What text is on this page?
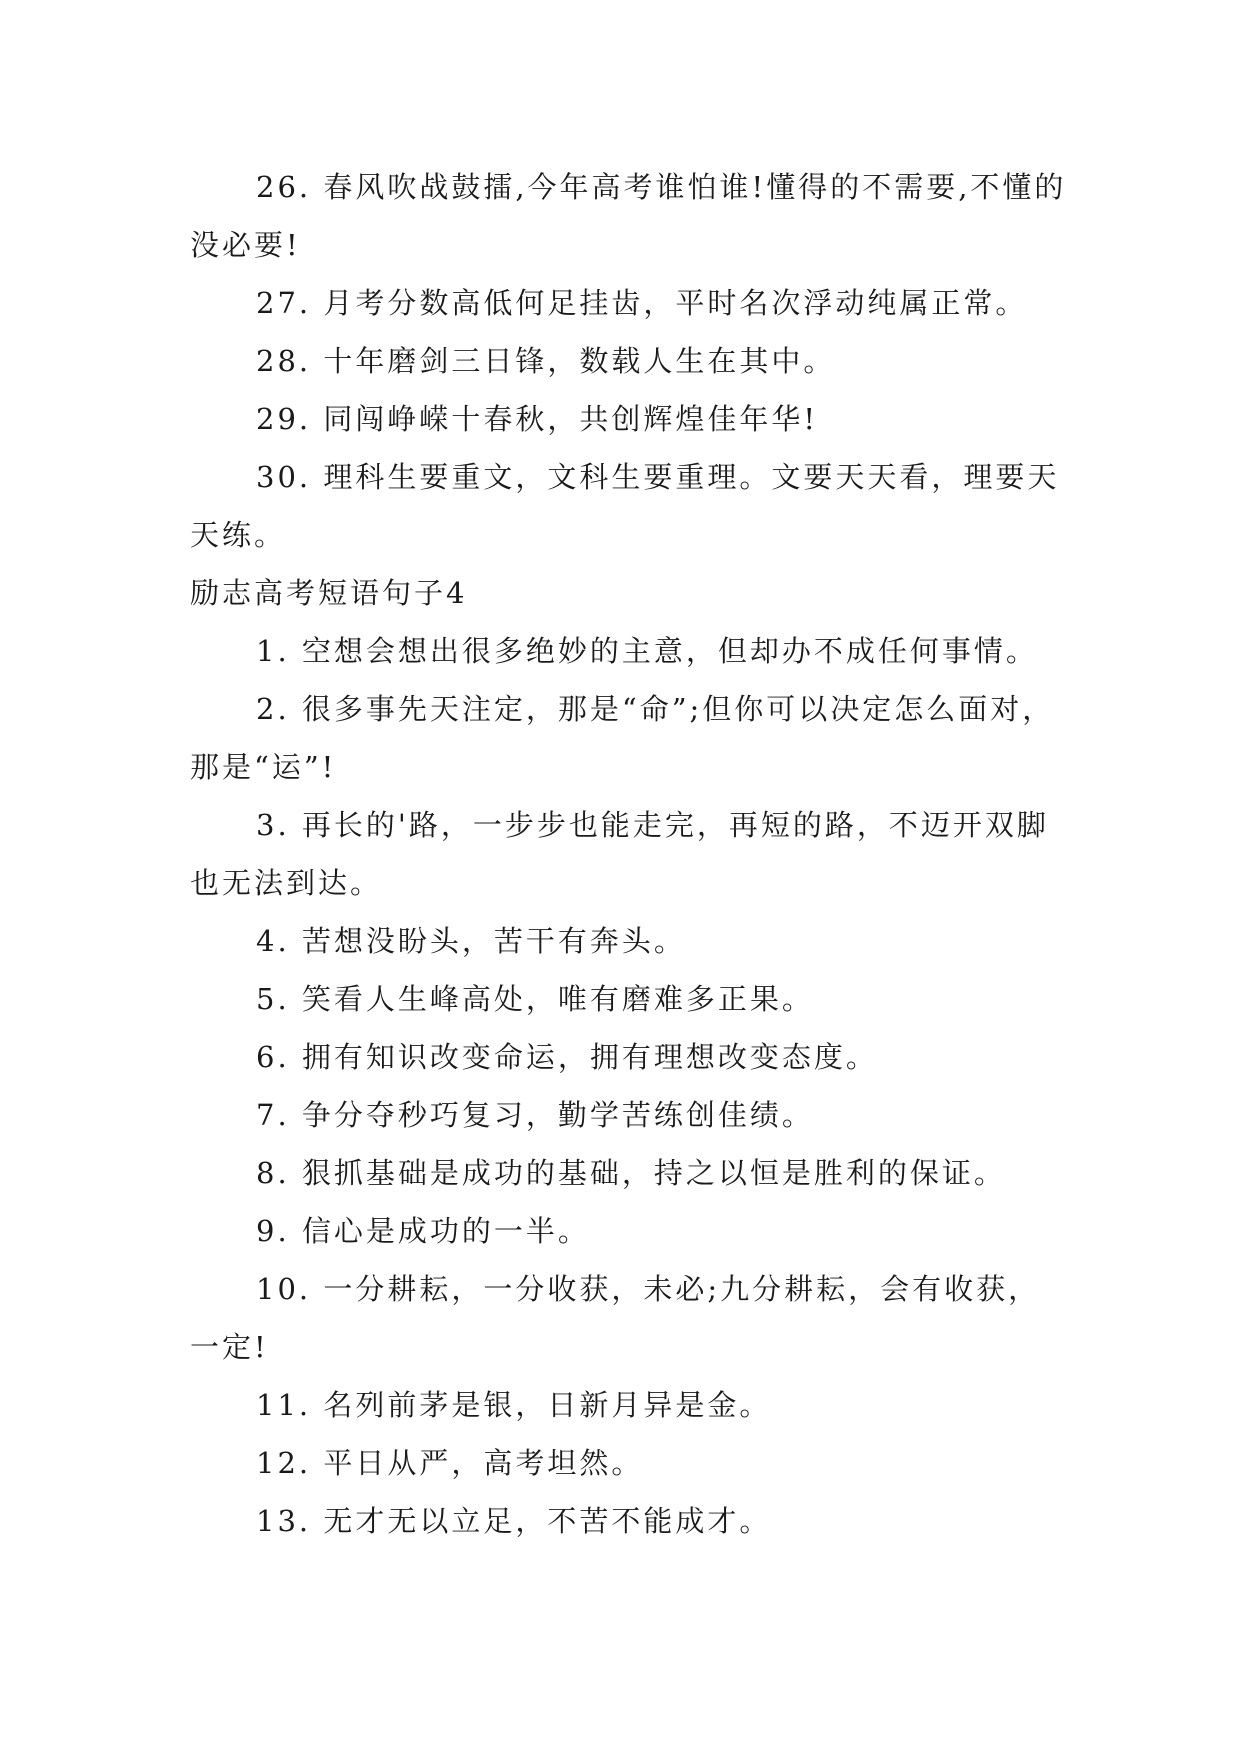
26. 春风吹战鼓擂,今年高考谁怕谁!懂得的不需要,不懂的没必要!

27. 月考分数高低何足挂齿，平时名次浮动纯属正常。

28. 十年磨剑三日锋，数载人生在其中。

29. 同闯峥嵘十春秋，共创辉煌佳年华!

30. 理科生要重文，文科生要重理。文要天天看，理要天天练。

励志高考短语句子4

1. 空想会想出很多绝妙的主意，但却办不成任何事情。

2. 很多事先天注定，那是“命”;但你可以决定怎么面对，那是“运”!

3. 再长的'路，一步步也能走完，再短的路，不迈开双脚也无法到达。

4. 苦想没盼头，苦干有奔头。

5. 笑看人生峰高处，唯有磨难多正果。

6. 拥有知识改变命运，拥有理想改变态度。

7. 争分夺秒巧复习，勤学苦练创佳绩。

8. 狠抓基础是成功的基础，持之以恒是胜利的保证。

9. 信心是成功的一半。

10. 一分耕耘，一分收获，未必;九分耕耘，会有收获，一定!

11. 名列前茅是银，日新月异是金。

12. 平日从严，高考坦然。

13. 无才无以立足，不苦不能成才。
